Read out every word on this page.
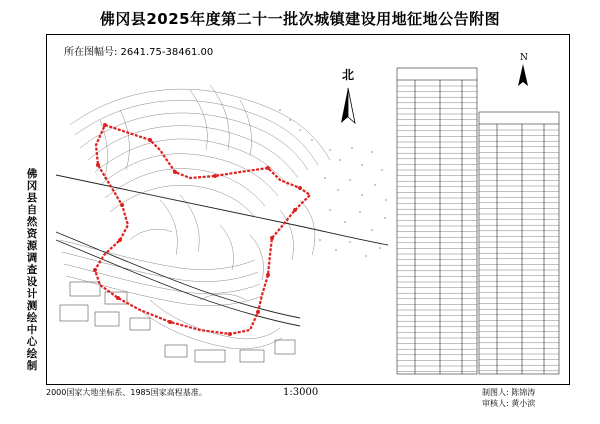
佛冈县2025年度第二十一批次城镇建设用地征地公告附图
所在图幅号: 2641.75-38461.00
佛冈县自然资源调查设计测绘中心绘制
北
N
1:3000
2000国家大地坐标系、1985国家高程基准。	制图人: 陈锦涛
审核人: 黄小滨
